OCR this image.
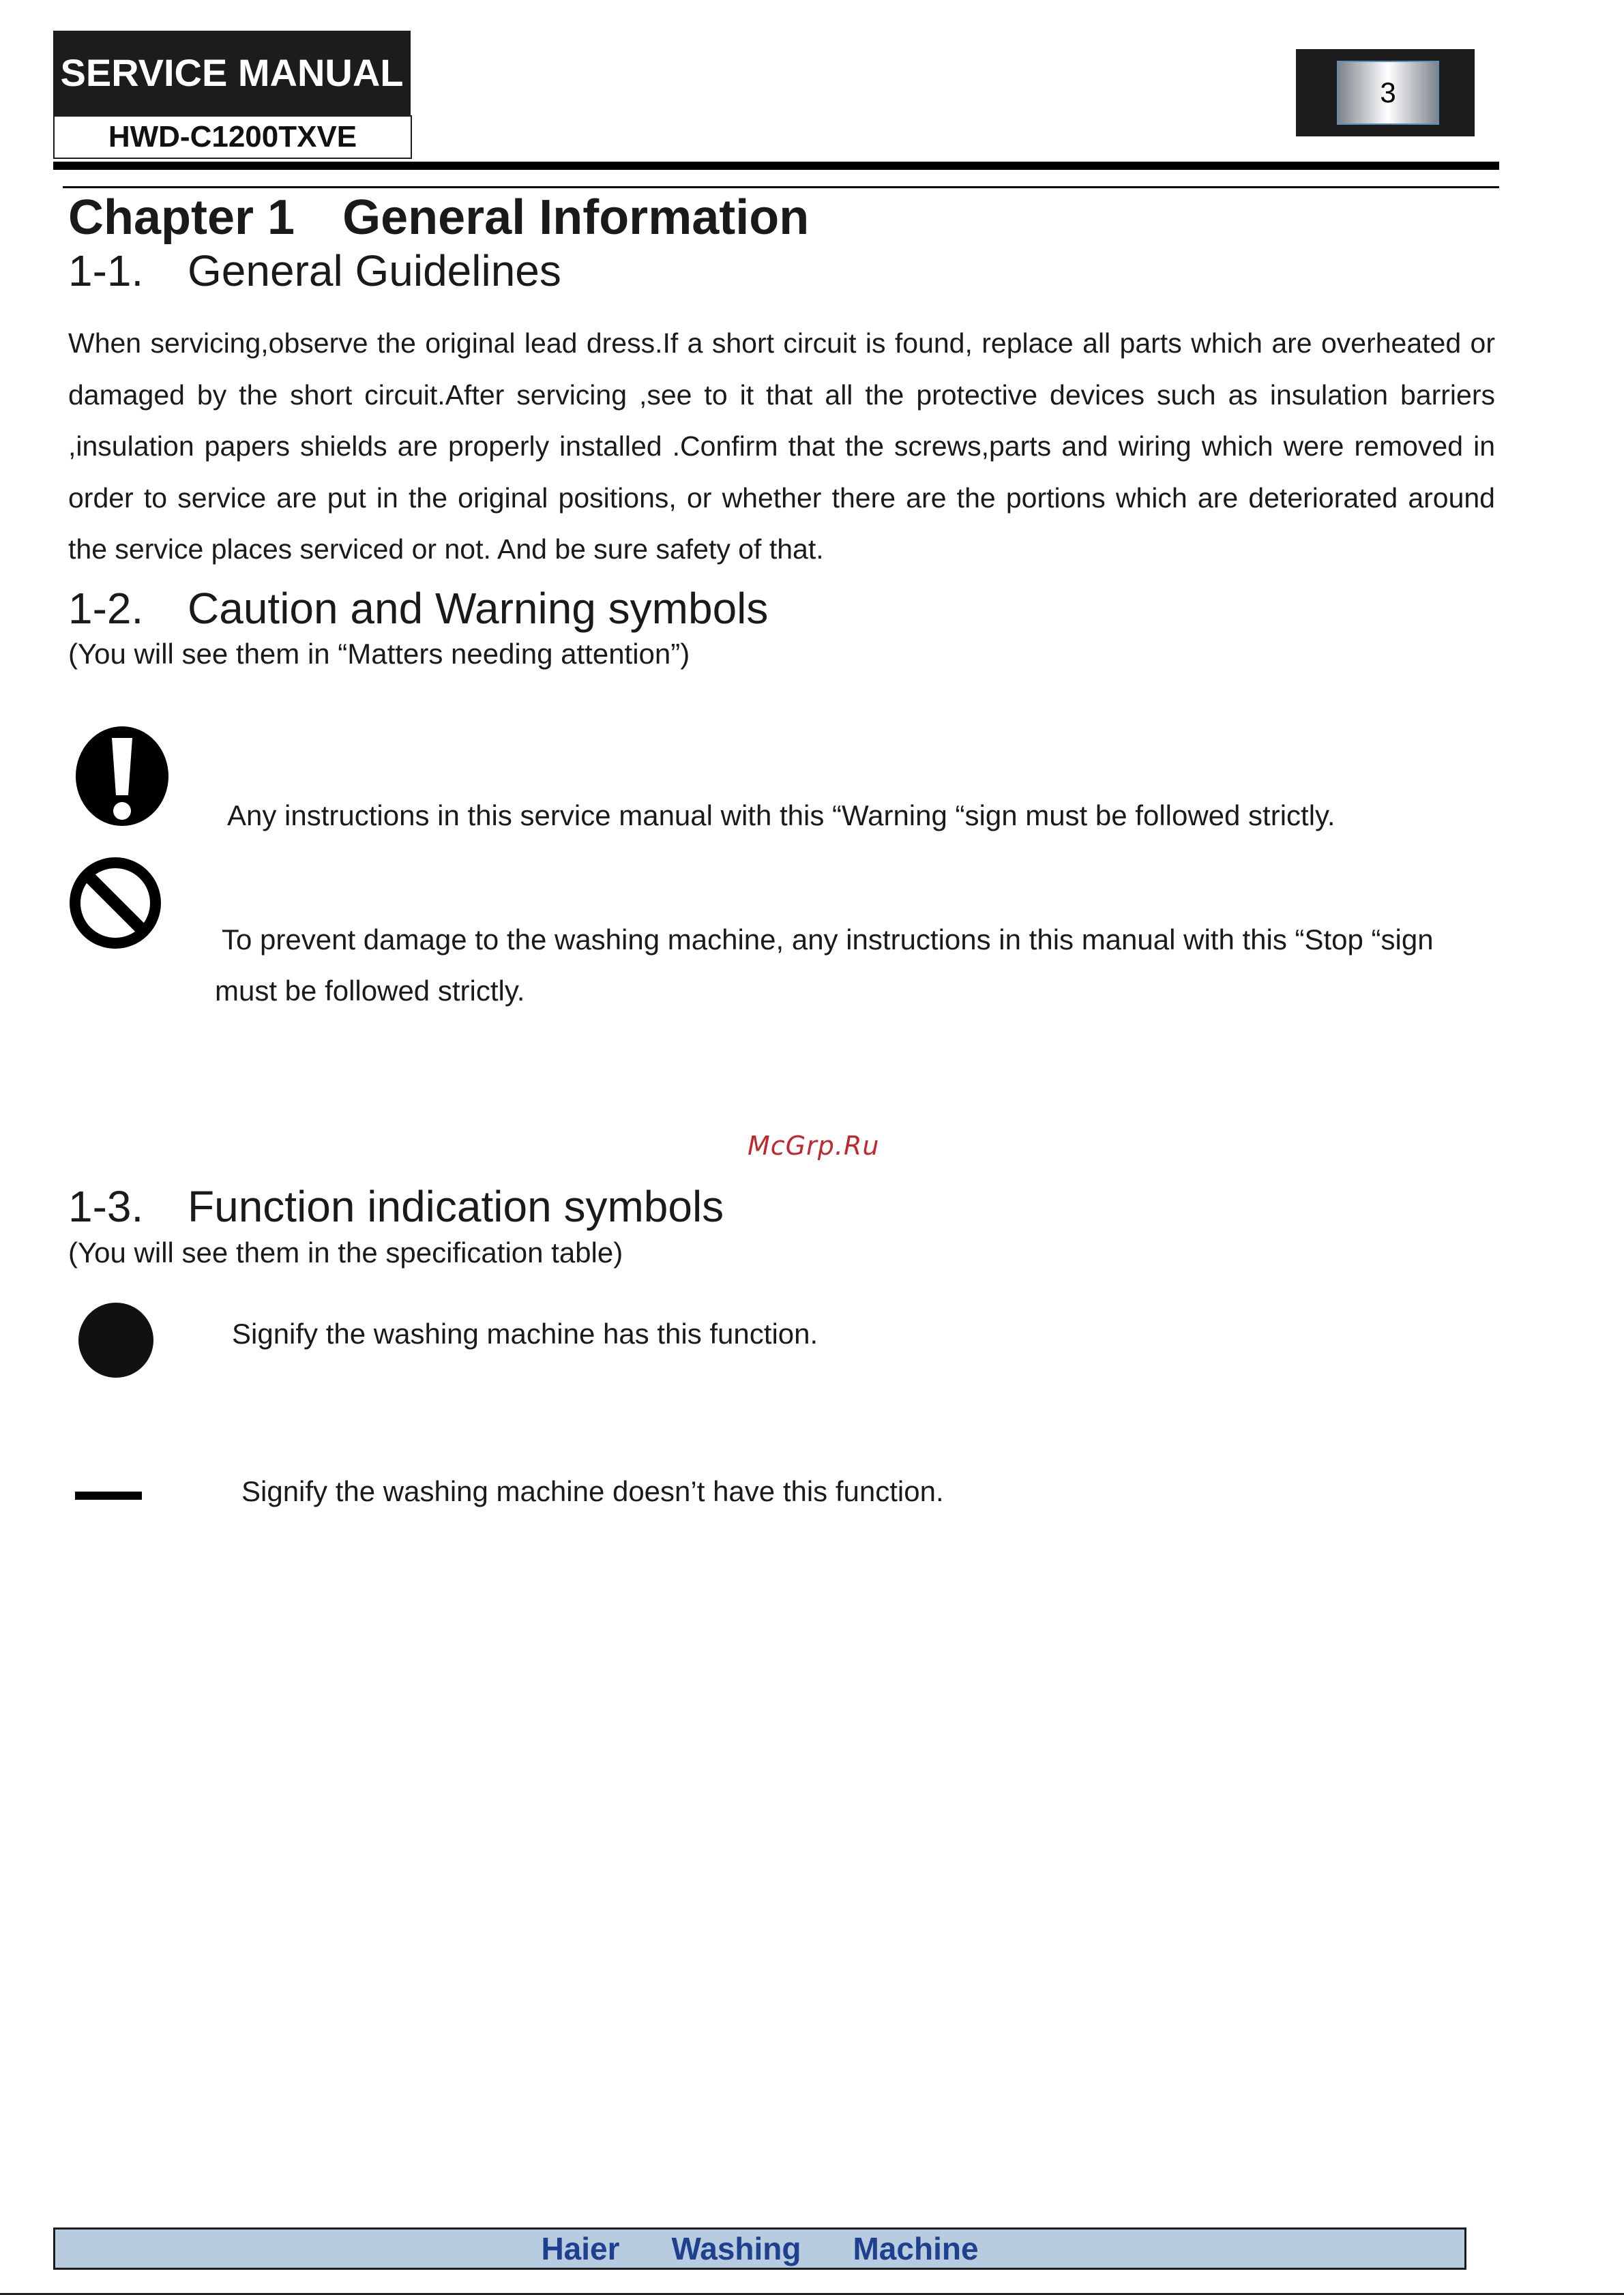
SERVICE MANUAL
HWD-C1200TXVE
3
Chapter 1 General Information
1-1. General Guidelines
When servicing,observe the original lead dress.If a short circuit is found, replace all parts which are overheated or damaged by the short circuit.After servicing ,see to it that all the protective devices such as insulation barriers ,insulation papers shields are properly installed .Confirm that the screws,parts and wiring which were removed in order to service are put in the original positions, or whether there are the portions which are deteriorated around the service places serviced or not. And be sure safety of that.
1-2. Caution and Warning symbols
(You will see them in “Matters needing attention”)
Any instructions in this service manual with this “Warning “sign must be followed strictly.
To prevent damage to the washing machine, any instructions in this manual with this “Stop “sign must be followed strictly.
McGrp.Ru
1-3. Function indication symbols
(You will see them in the specification table)
Signify the washing machine has this function.
Signify the washing machine doesn’t have this function.
Haier Washing Machine
